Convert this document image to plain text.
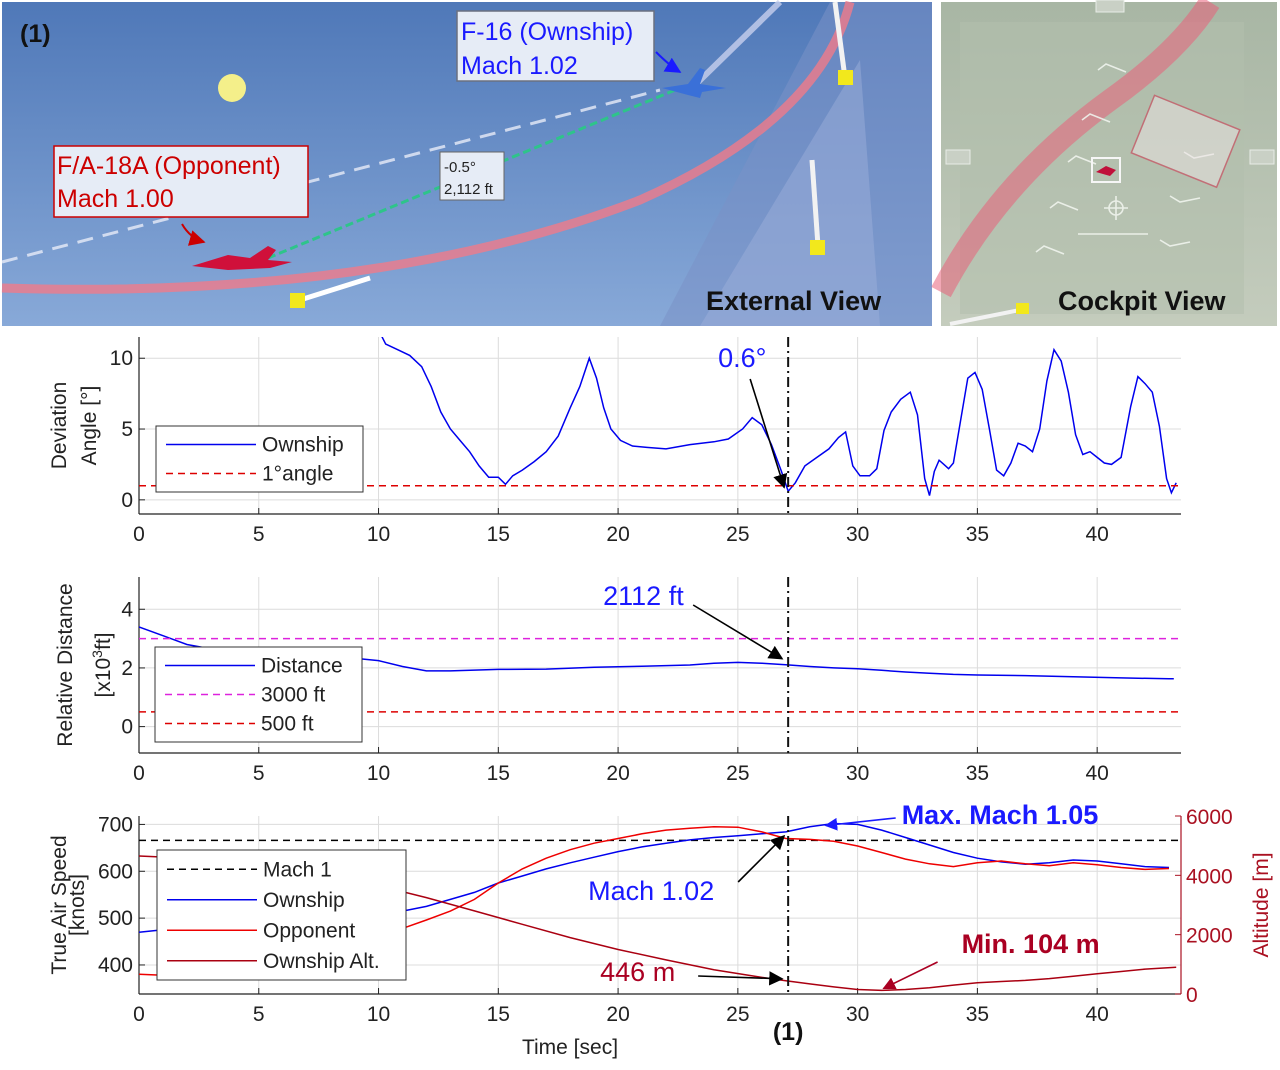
F-16 (Ownship)
Mach 1.02
F/A-18A (Opponent)
Mach 1.00
-0.5°
2,112 ft
(1)
External View	Cockpit View
0	5	10	15	20	25	30	35	40
0
5
10
Deviation Angle [°]	Ownship
1°angle
0.6°
0	5	10	15	20	25	30	35	40
0
2
4
Relative Distance $[x10^3ft]$
Distance
3000 ft
500 ft
2112 ft
0	5	10	15	20	25	30	35	40
400
500
600
700
0
2000
4000
6000
True Air Speed
[knots]	Altitude [m]
Time [sec]
Mach 1
Ownship
Opponent
Ownship Alt.
Max. Mach 1.05
Mach 1.02
Min. 104 m
446 m
(1)
